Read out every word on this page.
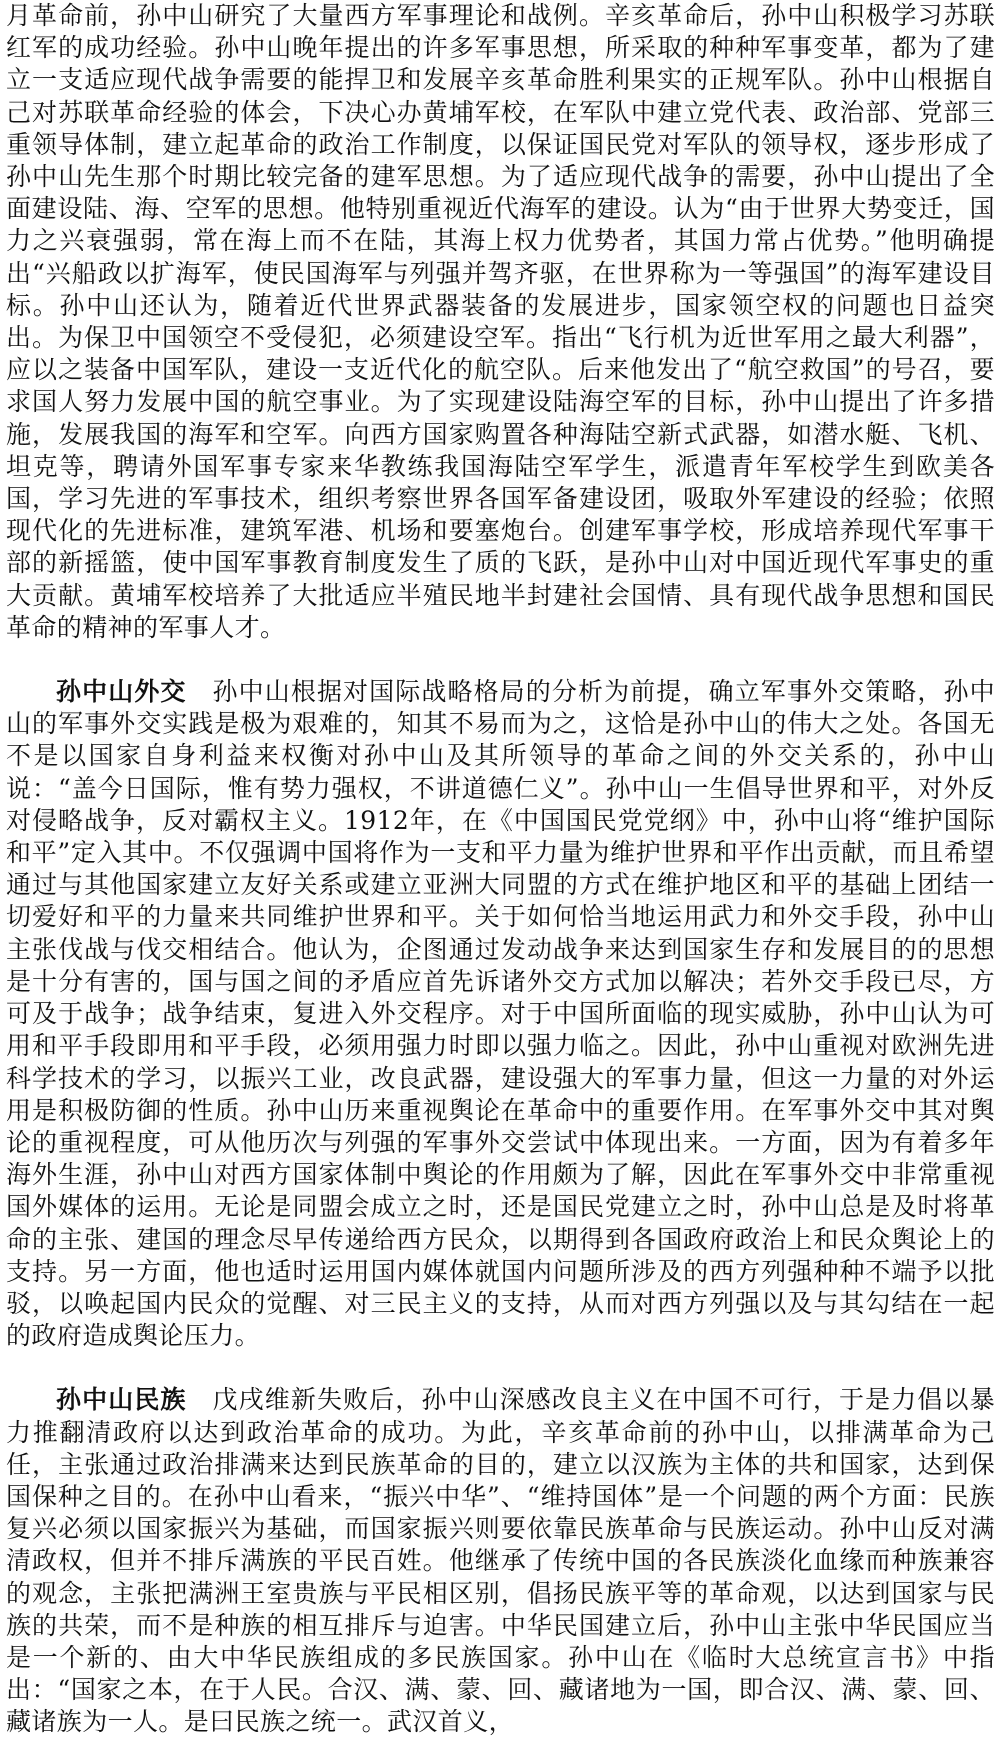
月革命前，孙中山研究了大量西方军事理论和战例。辛亥革命后，孙中山积极学习苏联红军的成功经验。孙中山晚年提出的许多军事思想，所采取的种种军事变革，都为了建立一支适应现代战争需要的能捍卫和发展辛亥革命胜利果实的正规军队。孙中山根据自己对苏联革命经验的体会，下决心办黄埔军校，在军队中建立党代表、政治部、党部三重领导体制，建立起革命的政治工作制度，以保证国民党对军队的领导权，逐步形成了孙中山先生那个时期比较完备的建军思想。为了适应现代战争的需要，孙中山提出了全面建设陆、海、空军的思想。他特别重视近代海军的建设。认为“由于世界大势变迁，国力之兴衰强弱，常在海上而不在陆，其海上权力优势者，其国力常占优势。”他明确提出“兴船政以扩海军，使民国海军与列强并驾齐驱，在世界称为一等强国”的海军建设目标。孙中山还认为，随着近代世界武器装备的发展进步，国家领空权的问题也日益突出。为保卫中国领空不受侵犯，必须建设空军。指出“飞行机为近世军用之最大利器”，应以之装备中国军队，建设一支近代化的航空队。后来他发出了“航空救国”的号召，要求国人努力发展中国的航空事业。为了实现建设陆海空军的目标，孙中山提出了许多措施，发展我国的海军和空军。向西方国家购置各种海陆空新式武器，如潜水艇、飞机、坦克等，聘请外国军事专家来华教练我国海陆空军学生，派遣青年军校学生到欧美各国，学习先进的军事技术，组织考察世界各国军备建设团，吸取外军建设的经验；依照现代化的先进标准，建筑军港、机场和要塞炮台。创建军事学校，形成培养现代军事干部的新摇篮，使中国军事教育制度发生了质的飞跃，是孙中山对中国近现代军事史的重大贡献。黄埔军校培养了大批适应半殖民地半封建社会国情、具有现代战争思想和国民革命的精神的军事人才。

孙中山外交 孙中山根据对国际战略格局的分析为前提，确立军事外交策略，孙中山的军事外交实践是极为艰难的，知其不易而为之，这恰是孙中山的伟大之处。各国无不是以国家自身利益来权衡对孙中山及其所领导的革命之间的外交关系的，孙中山说：“盖今日国际，惟有势力强权，不讲道德仁义”。孙中山一生倡导世界和平，对外反对侵略战争，反对霸权主义。1912年，在《中国国民党党纲》中，孙中山将“维护国际和平”定入其中。不仅强调中国将作为一支和平力量为维护世界和平作出贡献，而且希望通过与其他国家建立友好关系或建立亚洲大同盟的方式在维护地区和平的基础上团结一切爱好和平的力量来共同维护世界和平。关于如何恰当地运用武力和外交手段，孙中山主张伐战与伐交相结合。他认为，企图通过发动战争来达到国家生存和发展目的的思想是十分有害的，国与国之间的矛盾应首先诉诸外交方式加以解决；若外交手段已尽，方可及于战争；战争结束，复进入外交程序。对于中国所面临的现实威胁，孙中山认为可用和平手段即用和平手段，必须用强力时即以强力临之。因此，孙中山重视对欧洲先进科学技术的学习，以振兴工业，改良武器，建设强大的军事力量，但这一力量的对外运用是积极防御的性质。孙中山历来重视舆论在革命中的重要作用。在军事外交中其对舆论的重视程度，可从他历次与列强的军事外交尝试中体现出来。一方面，因为有着多年海外生涯，孙中山对西方国家体制中舆论的作用颇为了解，因此在军事外交中非常重视国外媒体的运用。无论是同盟会成立之时，还是国民党建立之时，孙中山总是及时将革命的主张、建国的理念尽早传递给西方民众，以期得到各国政府政治上和民众舆论上的支持。另一方面，他也适时运用国内媒体就国内问题所涉及的西方列强种种不端予以批驳，以唤起国内民众的觉醒、对三民主义的支持，从而对西方列强以及与其勾结在一起的政府造成舆论压力。

孙中山民族 戊戌维新失败后，孙中山深感改良主义在中国不可行，于是力倡以暴力推翻清政府以达到政治革命的成功。为此，辛亥革命前的孙中山，以排满革命为己任，主张通过政治排满来达到民族革命的目的，建立以汉族为主体的共和国家，达到保国保种之目的。在孙中山看来，“振兴中华”、“维持国体”是一个问题的两个方面：民族复兴必须以国家振兴为基础，而国家振兴则要依靠民族革命与民族运动。孙中山反对满清政权，但并不排斥满族的平民百姓。他继承了传统中国的各民族淡化血缘而种族兼容的观念，主张把满洲王室贵族与平民相区别，倡扬民族平等的革命观，以达到国家与民族的共荣，而不是种族的相互排斥与迫害。中华民国建立后，孙中山主张中华民国应当是一个新的、由大中华民族组成的多民族国家。孙中山在《临时大总统宣言书》中指出：“国家之本，在于人民。合汉、满、蒙、回、藏诸地为一国，即合汉、满、蒙、回、藏诸族为一人。是曰民族之统一。武汉首义，
